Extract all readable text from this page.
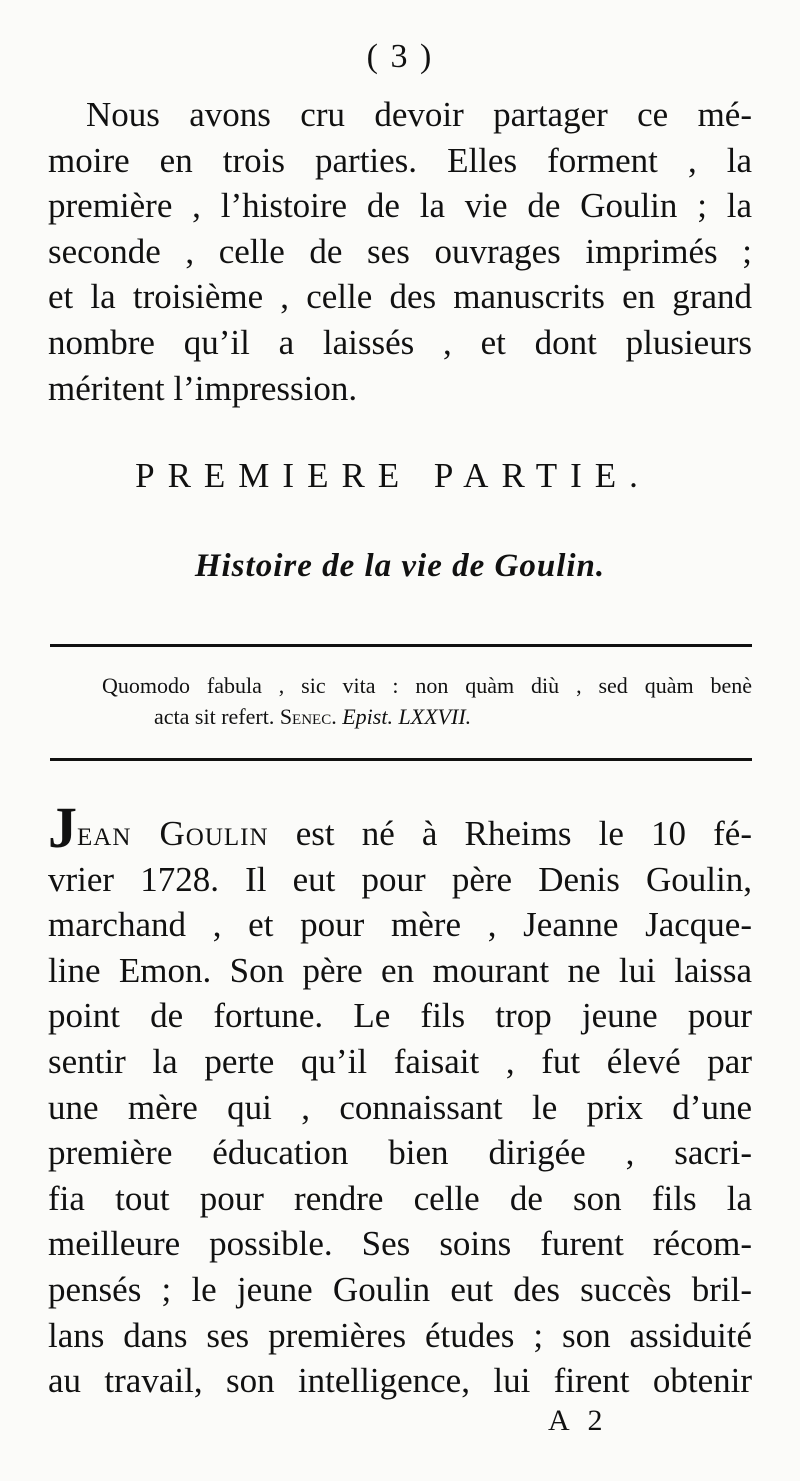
( 3 )
Nous avons cru devoir partager ce mé-
moire en trois parties. Elles forment , la
première , l’histoire de la vie de Goulin ; la
seconde , celle de ses ouvrages imprimés ;
et la troisième , celle des manuscrits en grand
nombre qu’il a laissés , et dont plusieurs
méritent l’impression.
PREMIERE PARTIE.
Histoire de la vie de Goulin.
Quomodo fabula , sic vita : non quàm diù , sed quàm benè
acta sit refert. Senec. Epist. LXXVII.
Jean Goulin est né à Rheims le 10 fé-
vrier 1728. Il eut pour père Denis Goulin,
marchand , et pour mère , Jeanne Jacque-
line Emon. Son père en mourant ne lui laissa
point de fortune. Le fils trop jeune pour
sentir la perte qu’il faisait , fut élevé par
une mère qui , connaissant le prix d’une
première éducation bien dirigée , sacri-
fia tout pour rendre celle de son fils la
meilleure possible. Ses soins furent récom-
pensés ; le jeune Goulin eut des succès bril-
lans dans ses premières études ; son assiduité
au travail, son intelligence, lui firent obtenir
A 2
